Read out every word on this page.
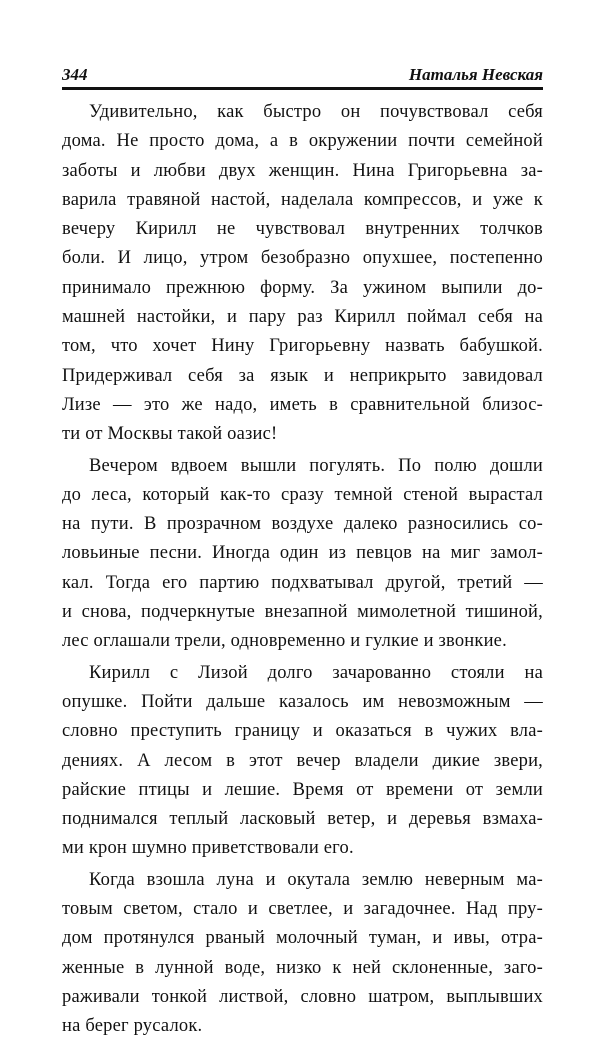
344	Наталья Невская
Удивительно, как быстро он почувствовал себя
дома. Не просто дома, а в окружении почти семейной
заботы и любви двух женщин. Нина Григорьевна за-
варила травяной настой, наделала компрессов, и уже к
вечеру Кирилл не чувствовал внутренних толчков
боли. И лицо, утром безобразно опухшее, постепенно
принимало прежнюю форму. За ужином выпили до-
машней настойки, и пару раз Кирилл поймал себя на
том, что хочет Нину Григорьевну назвать бабушкой.
Придерживал себя за язык и неприкрыто завидовал
Лизе — это же надо, иметь в сравнительной близос-
ти от Москвы такой оазис!
Вечером вдвоем вышли погулять. По полю дошли
до леса, который как-то сразу темной стеной вырастал
на пути. В прозрачном воздухе далеко разносились со-
ловьиные песни. Иногда один из певцов на миг замол-
кал. Тогда его партию подхватывал другой, третий —
и снова, подчеркнутые внезапной мимолетной тишиной,
лес оглашали трели, одновременно и гулкие и звонкие.
Кирилл с Лизой долго зачарованно стояли на
опушке. Пойти дальше казалось им невозможным —
словно преступить границу и оказаться в чужих вла-
дениях. А лесом в этот вечер владели дикие звери,
райские птицы и лешие. Время от времени от земли
поднимался теплый ласковый ветер, и деревья взмаха-
ми крон шумно приветствовали его.
Когда взошла луна и окутала землю неверным ма-
товым светом, стало и светлее, и загадочнее. Над пру-
дом протянулся рваный молочный туман, и ивы, отра-
женные в лунной воде, низко к ней склоненные, заго-
раживали тонкой листвой, словно шатром, выплывших
на берег русалок.
